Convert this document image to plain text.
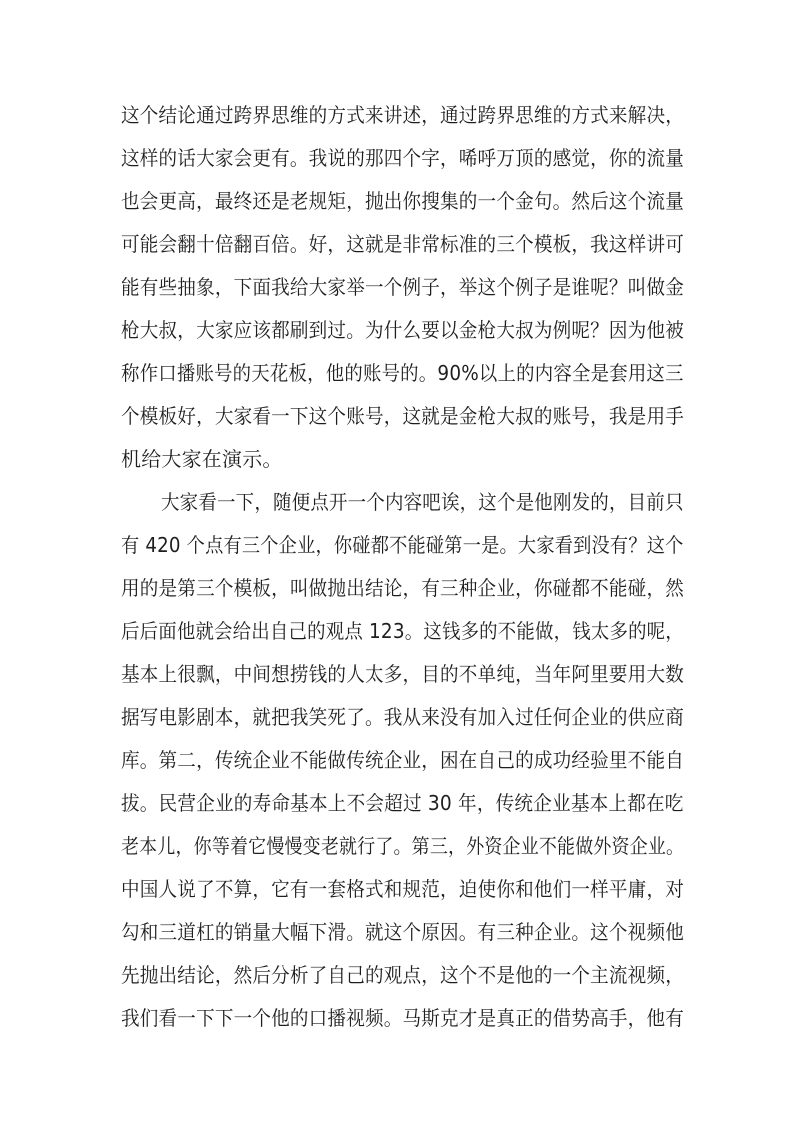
这个结论通过跨界思维的方式来讲述，通过跨界思维的方式来解决，
这样的话大家会更有。我说的那四个字，唏呼万顶的感觉，你的流量
也会更高，最终还是老规矩，抛出你搜集的一个金句。然后这个流量
可能会翻十倍翻百倍。好，这就是非常标准的三个模板，我这样讲可
能有些抽象，下面我给大家举一个例子，举这个例子是谁呢？叫做金
枪大叔，大家应该都刷到过。为什么要以金枪大叔为例呢？因为他被
称作口播账号的天花板，他的账号的。90%以上的内容全是套用这三
个模板好，大家看一下这个账号，这就是金枪大叔的账号，我是用手
机给大家在演示。
大家看一下，随便点开一个内容吧诶，这个是他刚发的，目前只
有 420 个点有三个企业，你碰都不能碰第一是。大家看到没有？这个
用的是第三个模板，叫做抛出结论，有三种企业，你碰都不能碰，然
后后面他就会给出自己的观点 123。这钱多的不能做，钱太多的呢，
基本上很飘，中间想捞钱的人太多，目的不单纯，当年阿里要用大数
据写电影剧本，就把我笑死了。我从来没有加入过任何企业的供应商
库。第二，传统企业不能做传统企业，困在自己的成功经验里不能自
拔。民营企业的寿命基本上不会超过 30 年，传统企业基本上都在吃
老本儿，你等着它慢慢变老就行了。第三，外资企业不能做外资企业。
中国人说了不算，它有一套格式和规范，迫使你和他们一样平庸，对
勾和三道杠的销量大幅下滑。就这个原因。有三种企业。这个视频他
先抛出结论，然后分析了自己的观点，这个不是他的一个主流视频，
我们看一下下一个他的口播视频。马斯克才是真正的借势高手，他有
